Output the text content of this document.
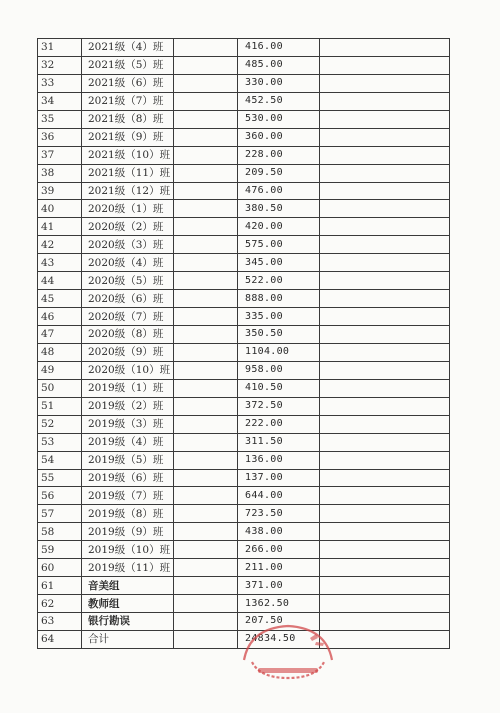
31	2021级（4）班		416.00	
32	2021级（5）班		485.00	
33	2021级（6）班		330.00	
34	2021级（7）班		452.50	
35	2021级（8）班		530.00	
36	2021级（9）班		360.00	
37	2021级（10）班		228.00	
38	2021级（11）班		209.50	
39	2021级（12）班		476.00	
40	2020级（1）班		380.50	
41	2020级（2）班		420.00	
42	2020级（3）班		575.00	
43	2020级（4）班		345.00	
44	2020级（5）班		522.00	
45	2020级（6）班		888.00	
46	2020级（7）班		335.00	
47	2020级（8）班		350.50	
48	2020级（9）班		1104.00	
49	2020级（10）班		958.00	
50	2019级（1）班		410.50	
51	2019级（2）班		372.50	
52	2019级（3）班		222.00	
53	2019级（4）班		311.50	
54	2019级（5）班		136.00	
55	2019级（6）班		137.00	
56	2019级（7）班		644.00	
57	2019级（8）班		723.50	
58	2019级（9）班		438.00	
59	2019级（10）班		266.00	
60	2019级（11）班		211.00	
61	音美组		371.00	
62	教师组		1362.50	
63	银行勘误		207.50	
64	合计		24834.50	
